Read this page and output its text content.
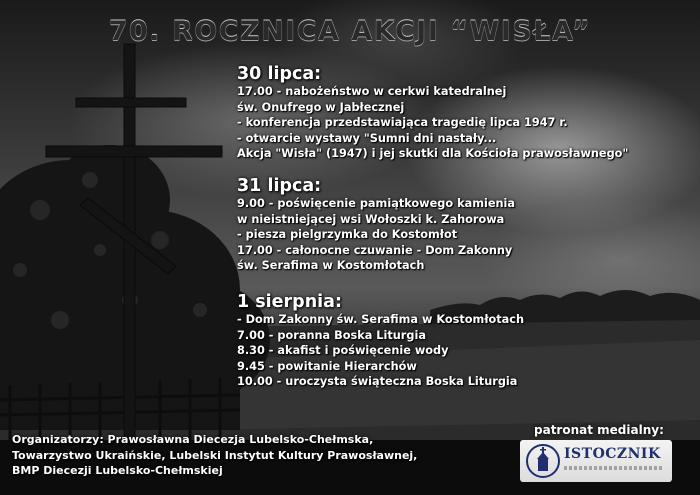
70. ROCZNICA AKCJI “WISŁA”
30 lipca:
17.00 - nabożeństwo w cerkwi katedralnej
św. Onufrego w Jabłecznej
- konferencja przedstawiająca tragedię lipca 1947 r.
- otwarcie wystawy "Sumni dni nastały...
Akcja "Wisła" (1947) i jej skutki dla Kościoła prawosławnego"
31 lipca:
9.00 - poświęcenie pamiątkowego kamienia
w nieistniejącej wsi Wołoszki k. Zahorowa
- piesza pielgrzymka do Kostomłot
17.00 - całonocne czuwanie - Dom Zakonny
św. Serafima w Kostomłotach
1 sierpnia:
- Dom Zakonny św. Serafima w Kostomłotach
7.00 - poranna Boska Liturgia
8.30 - akafist i poświęcenie wody
9.45 - powitanie Hierarchów
10.00 - uroczysta świąteczna Boska Liturgia
Organizatorzy: Prawosławna Diecezja Lubelsko-Chełmska,
Towarzystwo Ukraińskie, Lubelski Instytut Kultury Prawosławnej,
BMP Diecezji Lubelsko-Chełmskiej
patronat medialny:
ISTOCZNIK
